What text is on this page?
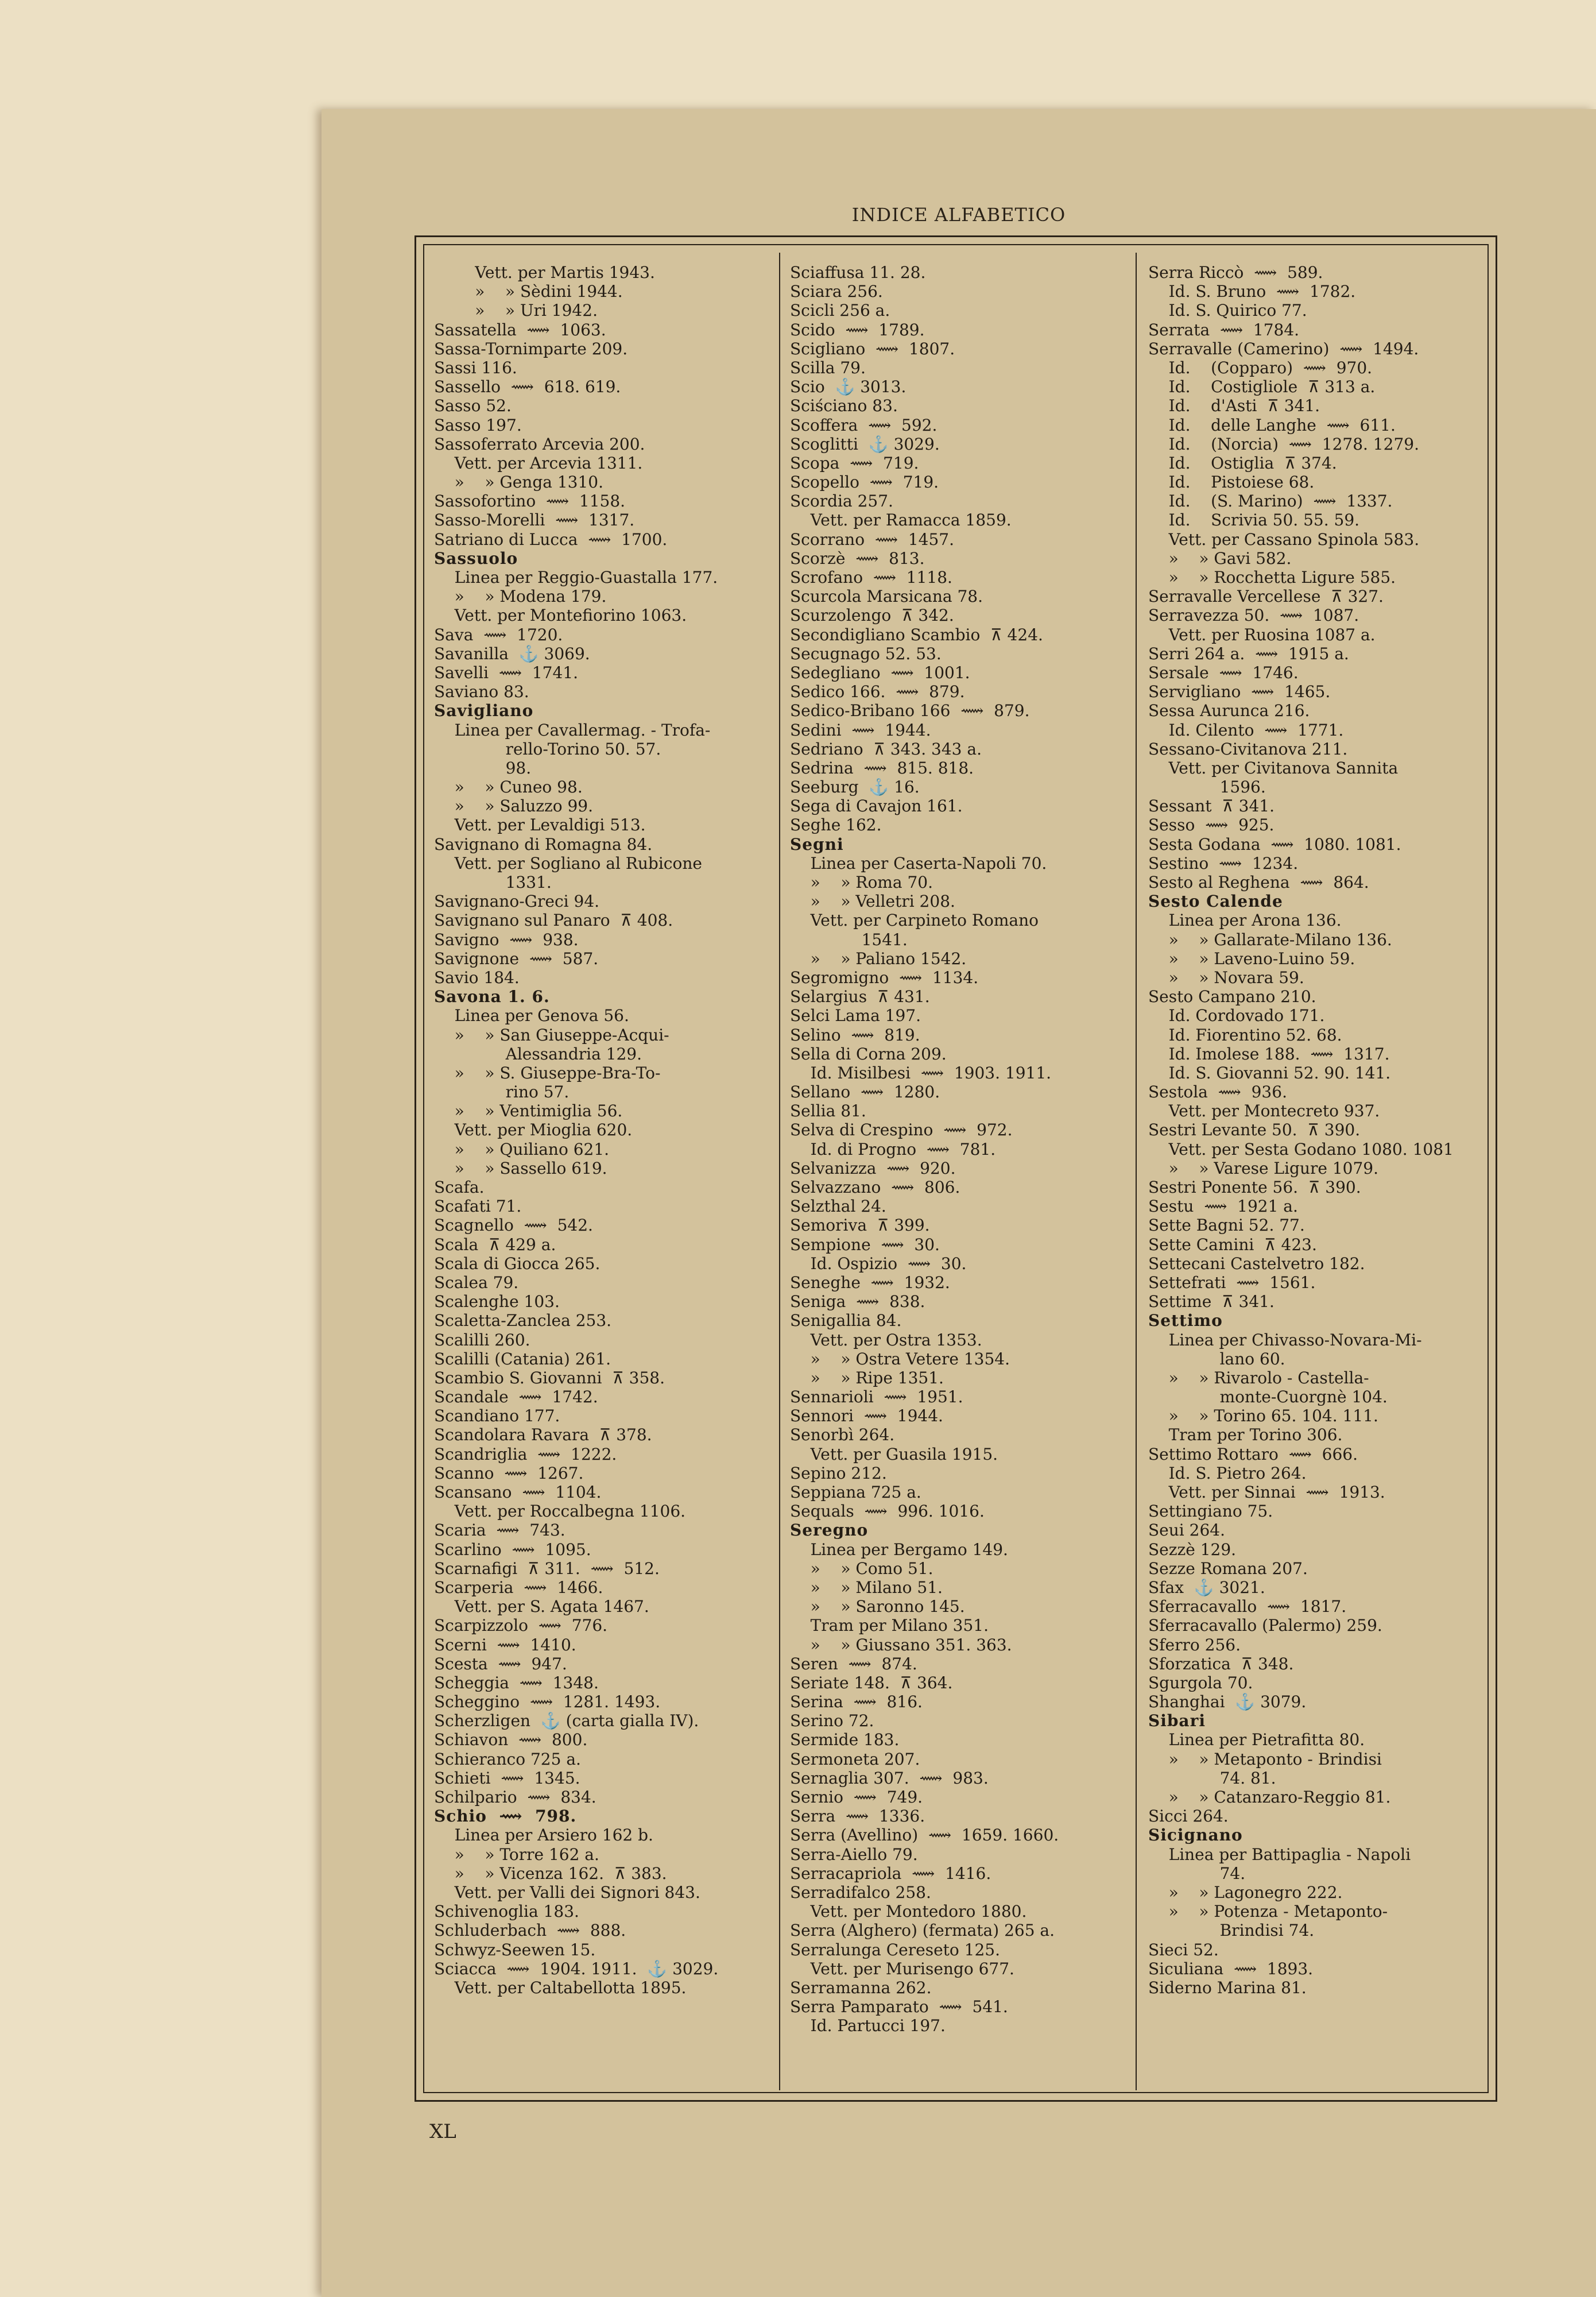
INDICE ALFABETICO
Vett. per Martis 1943.
»    » Sèdini 1944.
»    » Uri 1942.
Sassatella  ⟿  1063.
Sassa-Tornimparte 209.
Sassi 116.
Sassello  ⟿  618. 619.
Sasso 52.
Sasso 197.
Sassoferrato Arcevia 200.
Vett. per Arcevia 1311.
»    » Genga 1310.
Sassofortino  ⟿  1158.
Sasso-Morelli  ⟿  1317.
Satriano di Lucca  ⟿  1700.
Sassuolo
Linea per Reggio-Guastalla 177.
»    » Modena 179.
Vett. per Montefiorino 1063.
Sava  ⟿  1720.
Savanilla  ⚓ 3069.
Savelli  ⟿  1741.
Saviano 83.
Savigliano
Linea per Cavallermag. - Trofa-
rello-Torino 50. 57.
98.
»    » Cuneo 98.
»    » Saluzzo 99.
Vett. per Levaldigi 513.
Savignano di Romagna 84.
Vett. per Sogliano al Rubicone
1331.
Savignano-Greci 94.
Savignano sul Panaro  ⊼ 408.
Savigno  ⟿  938.
Savignone  ⟿  587.
Savio 184.
Savona 1. 6.
Linea per Genova 56.
»    » San Giuseppe-Acqui-
Alessandria 129.
»    » S. Giuseppe-Bra-To-
rino 57.
»    » Ventimiglia 56.
Vett. per Mioglia 620.
»    » Quiliano 621.
»    » Sassello 619.
Scafa.
Scafati 71.
Scagnello  ⟿  542.
Scala  ⊼ 429 a.
Scala di Giocca 265.
Scalea 79.
Scalenghe 103.
Scaletta-Zanclea 253.
Scalilli 260.
Scalilli (Catania) 261.
Scambio S. Giovanni  ⊼ 358.
Scandale  ⟿  1742.
Scandiano 177.
Scandolara Ravara  ⊼ 378.
Scandriglia  ⟿  1222.
Scanno  ⟿  1267.
Scansano  ⟿  1104.
Vett. per Roccalbegna 1106.
Scaria  ⟿  743.
Scarlino  ⟿  1095.
Scarnafigi  ⊼ 311.  ⟿  512.
Scarperia  ⟿  1466.
Vett. per S. Agata 1467.
Scarpizzolo  ⟿  776.
Scerni  ⟿  1410.
Scesta  ⟿  947.
Scheggia  ⟿  1348.
Scheggino  ⟿  1281. 1493.
Scherzligen  ⚓ (carta gialla IV).
Schiavon  ⟿  800.
Schieranco 725 a.
Schieti  ⟿  1345.
Schilpario  ⟿  834.
Schio  ⟿  798.
Linea per Arsiero 162 b.
»    » Torre 162 a.
»    » Vicenza 162.  ⊼ 383.
Vett. per Valli dei Signori 843.
Schivenoglia 183.
Schluderbach  ⟿  888.
Schwyz-Seewen 15.
Sciacca  ⟿  1904. 1911.  ⚓ 3029.
Vett. per Caltabellotta 1895.
Sciaffusa 11. 28.
Sciara 256.
Scicli 256 a.
Scido  ⟿  1789.
Scigliano  ⟿  1807.
Scilla 79.
Scio  ⚓ 3013.
Sciściano 83.
Scoffera  ⟿  592.
Scoglitti  ⚓ 3029.
Scopa  ⟿  719.
Scopello  ⟿  719.
Scordia 257.
Vett. per Ramacca 1859.
Scorrano  ⟿  1457.
Scorzè  ⟿  813.
Scrofano  ⟿  1118.
Scurcola Marsicana 78.
Scurzolengo  ⊼ 342.
Secondigliano Scambio  ⊼ 424.
Secugnago 52. 53.
Sedegliano  ⟿  1001.
Sedico 166.  ⟿  879.
Sedico-Bribano 166  ⟿  879.
Sedini  ⟿  1944.
Sedriano  ⊼ 343. 343 a.
Sedrina  ⟿  815. 818.
Seeburg  ⚓ 16.
Sega di Cavajon 161.
Seghe 162.
Segni
Linea per Caserta-Napoli 70.
»    » Roma 70.
»    » Velletri 208.
Vett. per Carpineto Romano
1541.
»    » Paliano 1542.
Segromigno  ⟿  1134.
Selargius  ⊼ 431.
Selci Lama 197.
Selino  ⟿  819.
Sella di Corna 209.
Id. Misilbesi  ⟿  1903. 1911.
Sellano  ⟿  1280.
Sellia 81.
Selva di Crespino  ⟿  972.
Id. di Progno  ⟿  781.
Selvanizza  ⟿  920.
Selvazzano  ⟿  806.
Selzthal 24.
Semoriva  ⊼ 399.
Sempione  ⟿  30.
Id. Ospizio  ⟿  30.
Seneghe  ⟿  1932.
Seniga  ⟿  838.
Senigallia 84.
Vett. per Ostra 1353.
»    » Ostra Vetere 1354.
»    » Ripe 1351.
Sennarioli  ⟿  1951.
Sennori  ⟿  1944.
Senorbì 264.
Vett. per Guasila 1915.
Sepino 212.
Seppiana 725 a.
Sequals  ⟿  996. 1016.
Seregno
Linea per Bergamo 149.
»    » Como 51.
»    » Milano 51.
»    » Saronno 145.
Tram per Milano 351.
»    » Giussano 351. 363.
Seren  ⟿  874.
Seriate 148.  ⊼ 364.
Serina  ⟿  816.
Serino 72.
Sermide 183.
Sermoneta 207.
Sernaglia 307.  ⟿  983.
Sernio  ⟿  749.
Serra  ⟿  1336.
Serra (Avellino)  ⟿  1659. 1660.
Serra-Aiello 79.
Serracapriola  ⟿  1416.
Serradifalco 258.
Vett. per Montedoro 1880.
Serra (Alghero) (fermata) 265 a.
Serralunga Cereseto 125.
Vett. per Murisengo 677.
Serramanna 262.
Serra Pamparato  ⟿  541.
Id. Partucci 197.
Serra Riccò  ⟿  589.
Id. S. Bruno  ⟿  1782.
Id. S. Quirico 77.
Serrata  ⟿  1784.
Serravalle (Camerino)  ⟿  1494.
Id.    (Copparo)  ⟿  970.
Id.    Costigliole  ⊼ 313 a.
Id.    d'Asti  ⊼ 341.
Id.    delle Langhe  ⟿  611.
Id.    (Norcia)  ⟿  1278. 1279.
Id.    Ostiglia  ⊼ 374.
Id.    Pistoiese 68.
Id.    (S. Marino)  ⟿  1337.
Id.    Scrivia 50. 55. 59.
Vett. per Cassano Spinola 583.
»    » Gavi 582.
»    » Rocchetta Ligure 585.
Serravalle Vercellese  ⊼ 327.
Serravezza 50.  ⟿  1087.
Vett. per Ruosina 1087 a.
Serri 264 a.  ⟿  1915 a.
Sersale  ⟿  1746.
Servigliano  ⟿  1465.
Sessa Aurunca 216.
Id. Cilento  ⟿  1771.
Sessano-Civitanova 211.
Vett. per Civitanova Sannita
1596.
Sessant  ⊼ 341.
Sesso  ⟿  925.
Sesta Godana  ⟿  1080. 1081.
Sestino  ⟿  1234.
Sesto al Reghena  ⟿  864.
Sesto Calende
Linea per Arona 136.
»    » Gallarate-Milano 136.
»    » Laveno-Luino 59.
»    » Novara 59.
Sesto Campano 210.
Id. Cordovado 171.
Id. Fiorentino 52. 68.
Id. Imolese 188.  ⟿  1317.
Id. S. Giovanni 52. 90. 141.
Sestola  ⟿  936.
Vett. per Montecreto 937.
Sestri Levante 50.  ⊼ 390.
Vett. per Sesta Godano 1080. 1081
»    » Varese Ligure 1079.
Sestri Ponente 56.  ⊼ 390.
Sestu  ⟿  1921 a.
Sette Bagni 52. 77.
Sette Camini  ⊼ 423.
Settecani Castelvetro 182.
Settefrati  ⟿  1561.
Settime  ⊼ 341.
Settimo
Linea per Chivasso-Novara-Mi-
lano 60.
»    » Rivarolo - Castella-
monte-Cuorgnè 104.
»    » Torino 65. 104. 111.
Tram per Torino 306.
Settimo Rottaro  ⟿  666.
Id. S. Pietro 264.
Vett. per Sinnai  ⟿  1913.
Settingiano 75.
Seui 264.
Sezzè 129.
Sezze Romana 207.
Sfax  ⚓ 3021.
Sferracavallo  ⟿  1817.
Sferracavallo (Palermo) 259.
Sferro 256.
Sforzatica  ⊼ 348.
Sgurgola 70.
Shanghai  ⚓ 3079.
Sibari
Linea per Pietrafitta 80.
»    » Metaponto - Brindisi
74. 81.
»    » Catanzaro-Reggio 81.
Sicci 264.
Sicignano
Linea per Battipaglia - Napoli
74.
»    » Lagonegro 222.
»    » Potenza - Metaponto-
Brindisi 74.
Sieci 52.
Siculiana  ⟿  1893.
Siderno Marina 81.
XL
